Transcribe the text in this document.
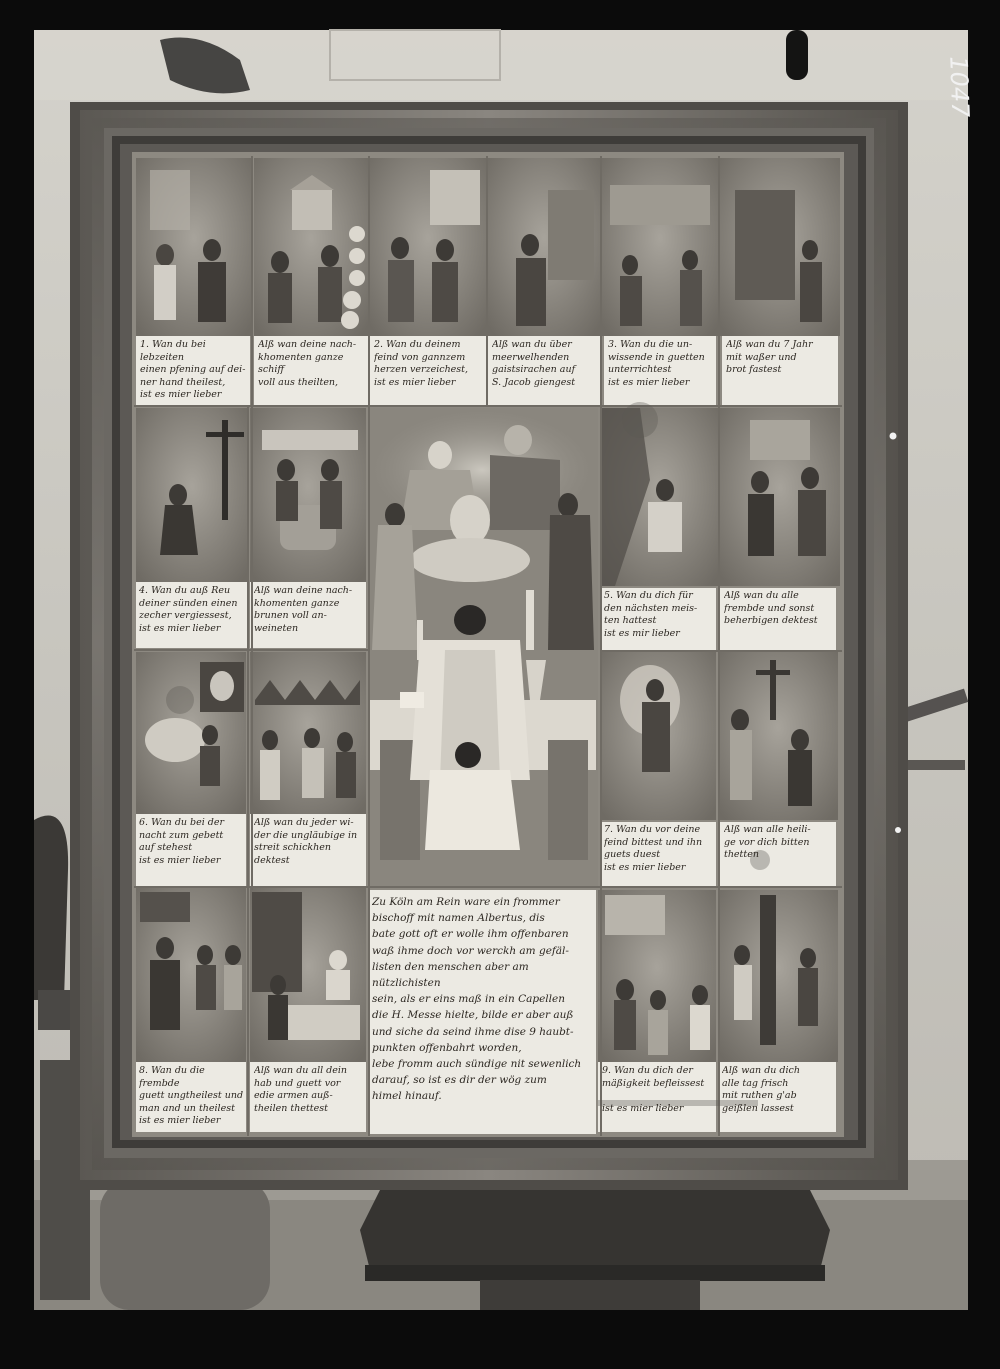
1047
1. Wan du bei lebzeiten
einen pfening auf dei-
ner hand theilest,
ist es mier lieber
Alß wan deine nach-
khomenten ganze schiff
voll aus theilten,
2. Wan du deinem
feind von gannzem
herzen verzeichest,
ist es mier lieber
Alß wan du über
meerwelhenden
gaistsirachen auf
S. Jacob giengest
3. Wan du die un-
wissende in guetten
unterrichtest
ist es mier lieber
Alß wan du 7 Jahr
mit waßer und
brot fastest
4. Wan du auß Reu
deiner sünden einen
zecher vergiessest,
ist es mier lieber
Alß wan deine nach-
khomenten ganze
brunen voll an-
weineten
5. Wan du dich für
den nächsten meis-
ten hattest
ist es mir lieber
Alß wan du alle
frembde und sonst
beherbigen dektest
6. Wan du bei der
nacht zum gebett
auf stehest
ist es mier lieber
Alß wan du jeder wi-
der die ungläubige in
streit schickhen dektest
7. Wan du vor deine
feind bittest und ihn
guets duest
ist es mier lieber
Alß wan alle heili-
ge vor dich bitten
thetten
8. Wan du die frembde
guett ungtheilest und
man and un theilest
ist es mier lieber
Alß wan du all dein
hab und guett vor
edie armen auß-
theilen thettest
9. Wan du dich der
mäßigkeit befleissest

ist es mier lieber
Alß wan du dich
alle tag frisch
mit ruthen g'ab
geißlen lassest
Zu Köln am Rein ware ein frommer
bischoff mit namen Albertus, dis
bate gott oft er wolle ihm offenbaren
waß ihme doch vor werckh am gefäl-
listen den menschen aber am nützlichisten
sein, als er eins maß in ein Capellen
die H. Messe hielte, bilde er aber auß
und siche da seind ihme dise 9 haubt-
punkten offenbahrt worden,
lebe fromm auch sündige nit sewenlich
darauf, so ist es dir der wög zum
himel hinauf.
